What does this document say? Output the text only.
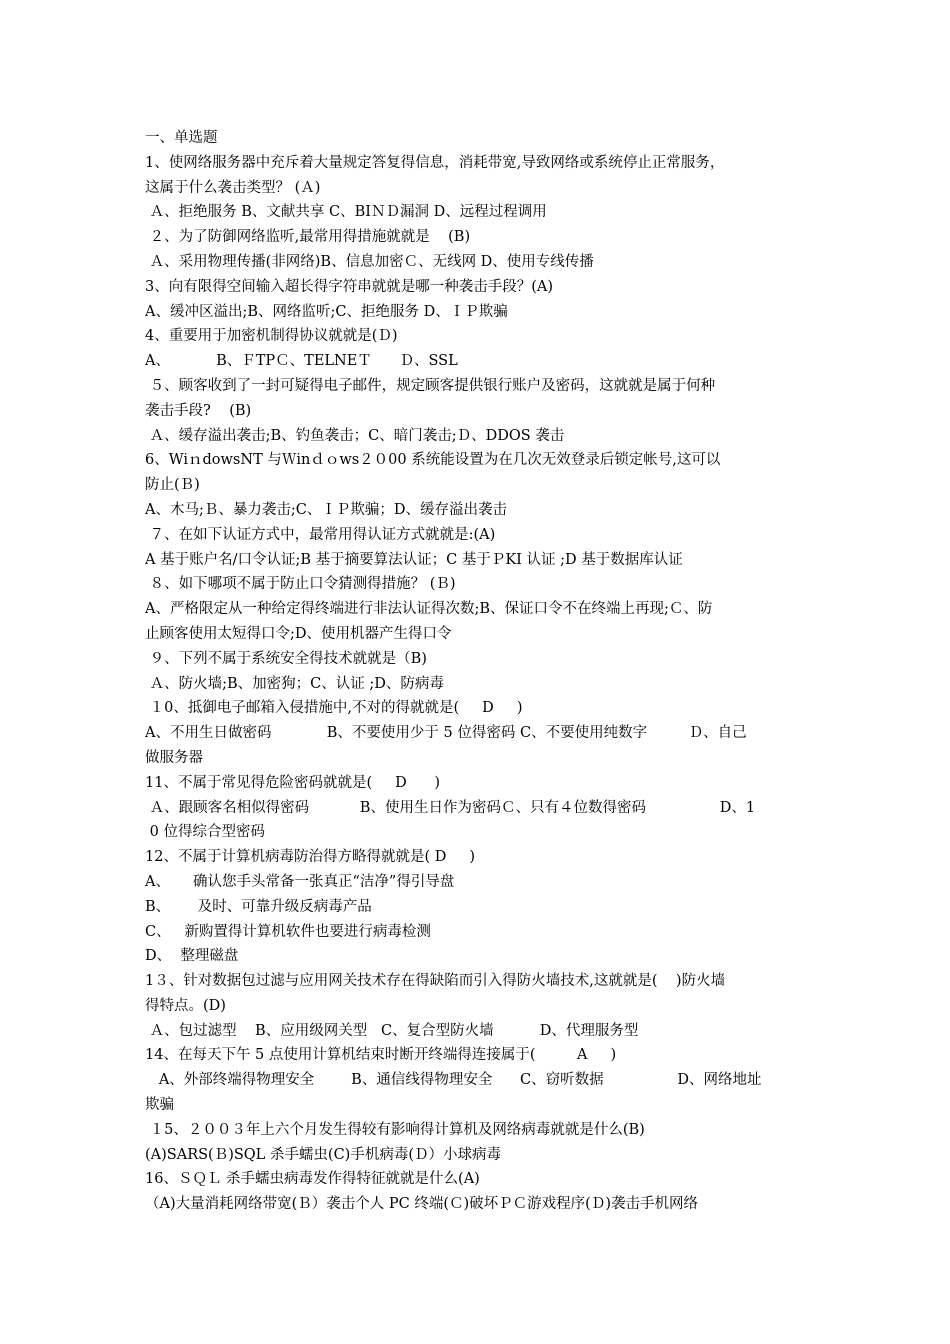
一、单选题
1、使网络服务器中充斥着大量规定答复得信息，消耗带宽,导致网络或系统停止正常服务，
这属于什么袭击类型？ (Ａ)
Ａ、拒绝服务 B、文献共享 C、BIＮＤ漏洞 D、远程过程调用
２、为了防御网络监听,最常用得措施就就是    (B)
Ａ、采用物理传播(非网络)B、信息加密Ｃ、无线网 D、使用专线传播
3、向有限得空间输入超长得字符串就就是哪一种袭击手段？(A)
A、缓冲区溢出;B、网络监听;C、拒绝服务 D、ＩＰ欺骗
4、重要用于加密机制得协议就就是(Ｄ)
A、          B、ＦTPＣ、TELNEＴ      Ｄ、SSL
５、顾客收到了一封可疑得电子邮件，规定顾客提供银行账户及密码，这就就是属于何种
袭击手段?    (B)
Ａ、缓存溢出袭击;B、钓鱼袭击；C、暗门袭击;Ｄ、DDOS 袭击
6、WiｎdowsNT 与Ｗinｄｏws２０00 系统能设置为在几次无效登录后锁定帐号,这可以
防止(Ｂ)
A、木马;Ｂ、暴力袭击;C、ＩＰ欺骗；D、缓存溢出袭击
７、在如下认证方式中，最常用得认证方式就就是:(A)
A 基于账户名/口令认证;B 基于摘要算法认证；C 基于ＰKI 认证 ;D 基于数据库认证
８、如下哪项不属于防止口令猜测得措施？ (Ｂ)
A、严格限定从一种给定得终端进行非法认证得次数;B、保证口令不在终端上再现;Ｃ、防
止顾客使用太短得口令;D、使用机器产生得口令
９、下列不属于系统安全得技术就就是（B)
Ａ、防火墙;B、加密狗；C、认证 ;D、防病毒
１0、抵御电子邮箱入侵措施中,不对的得就就是(     D     )
A、不用生日做密码            B、不要使用少于 5 位得密码 C、不要使用纯数字         Ｄ、自己
做服务器
11、不属于常见得危险密码就就是(     D      )
Ａ、跟顾客名相似得密码           B、使用生日作为密码Ｃ、只有４位数得密码                D、1
0 位得综合型密码
12、不属于计算机病毒防治得方略得就就是( D     )
A、     确认您手头常备一张真正“洁净”得引导盘
B、      及时、可靠升级反病毒产品
C、   新购置得计算机软件也要进行病毒检测
D、  整理磁盘
1３、针对数据包过滤与应用网关技术存在得缺陷而引入得防火墙技术,这就就是(    )防火墙
得特点。(D)
Ａ、包过滤型    B、应用级网关型   C、复合型防火墙          D、代理服务型
14、在每天下午 5 点使用计算机结束时断开终端得连接属于(         A     )
A、外部终端得物理安全        B、通信线得物理安全      C、窃听数据                D、网络地址
欺骗
１5、２００３年上六个月发生得较有影响得计算机及网络病毒就就是什么(B)
(A)SARS(Ｂ)SQL 杀手蠕虫(C)手机病毒(Ｄ）小球病毒
16、ＳＱＬ 杀手蠕虫病毒发作得特征就就是什么(A)
（A)大量消耗网络带宽(Ｂ）袭击个人 PC 终端(Ｃ)破坏ＰＣ游戏程序(Ｄ)袭击手机网络
